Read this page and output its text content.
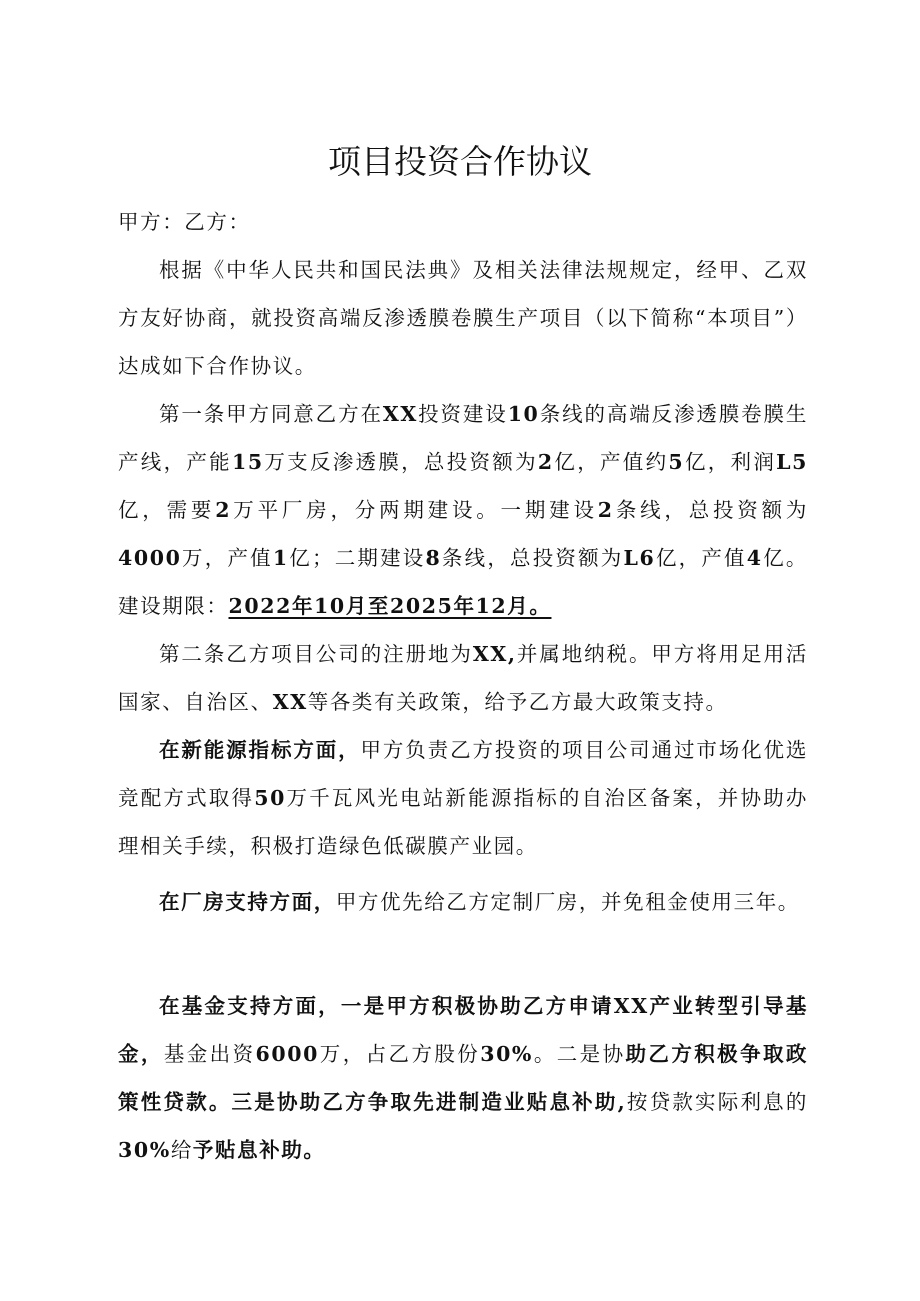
项目投资合作协议

甲方：乙方：

根据《中华人民共和国民法典》及相关法律法规规定，经甲、乙双方友好协商，就投资高端反渗透膜卷膜生产项目（以下简称“本项目”）达成如下合作协议。

第一条甲方同意乙方在XX投资建设10条线的高端反渗透膜卷膜生产线，产能15万支反渗透膜，总投资额为2亿，产值约5亿，利润L5亿，需要2万平厂房，分两期建设。一期建设2条线，总投资额为4000万，产值1亿；二期建设8条线，总投资额为L6亿，产值4亿。建设期限：2022年10月至2025年12月。

第二条乙方项目公司的注册地为XX,并属地纳税。甲方将用足用活国家、自治区、XX等各类有关政策，给予乙方最大政策支持。

在新能源指标方面，甲方负责乙方投资的项目公司通过市场化优选竞配方式取得50万千瓦风光电站新能源指标的自治区备案，并协助办理相关手续，积极打造绿色低碳膜产业园。

在厂房支持方面，甲方优先给乙方定制厂房，并免租金使用三年。

在基金支持方面，一是甲方积极协助乙方申请XX产业转型引导基金，基金出资6000万，占乙方股份30%。二是协助乙方积极争取政策性贷款。三是协助乙方争取先进制造业贴息补助,按贷款实际利息的30%给予贴息补助。
